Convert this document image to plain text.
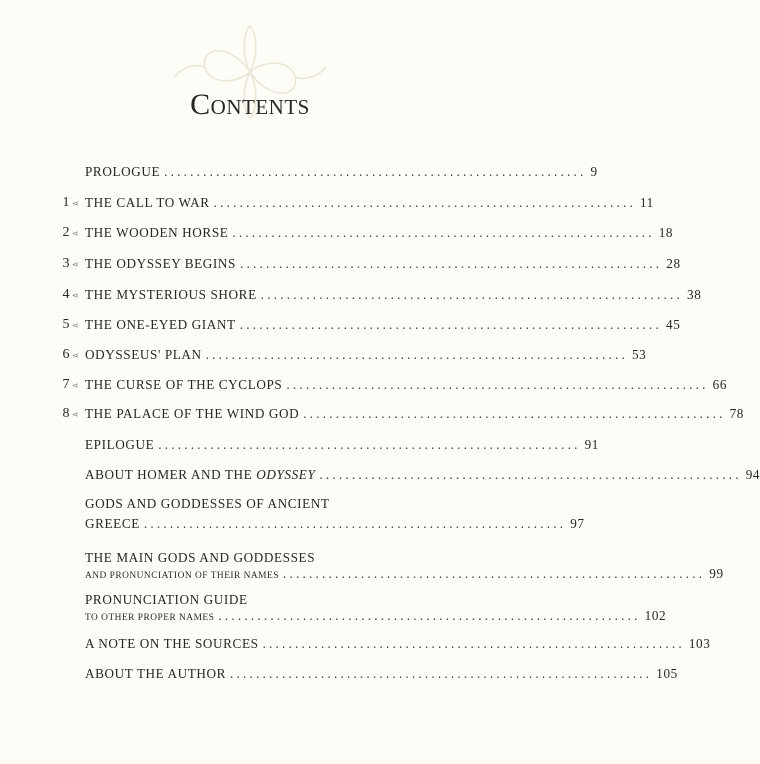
Contents
PROLOGUE ................................................................. 9
1 ⋖ THE CALL TO WAR ................................................................. 11
2 ⋖ THE WOODEN HORSE ................................................................. 18
3 ⋖ THE ODYSSEY BEGINS ................................................................. 28
4 ⋖ THE MYSTERIOUS SHORE ................................................................. 38
5 ⋖ THE ONE-EYED GIANT ................................................................. 45
6 ⋖ ODYSSEUS' PLAN ................................................................. 53
7 ⋖ THE CURSE OF THE CYCLOPS ................................................................. 66
8 ⋖ THE PALACE OF THE WIND GOD ................................................................. 78
EPILOGUE ................................................................. 91
ABOUT HOMER AND THE ODYSSEY ................................................................. 94
GODS AND GODDESSES OF ANCIENT
GREECE ................................................................. 97
THE MAIN GODS AND GODDESSES
AND PRONUNCIATION OF THEIR NAMES ................................................................. 99
PRONUNCIATION GUIDE
TO OTHER PROPER NAMES ................................................................. 102
A NOTE ON THE SOURCES ................................................................. 103
ABOUT THE AUTHOR ................................................................. 105
